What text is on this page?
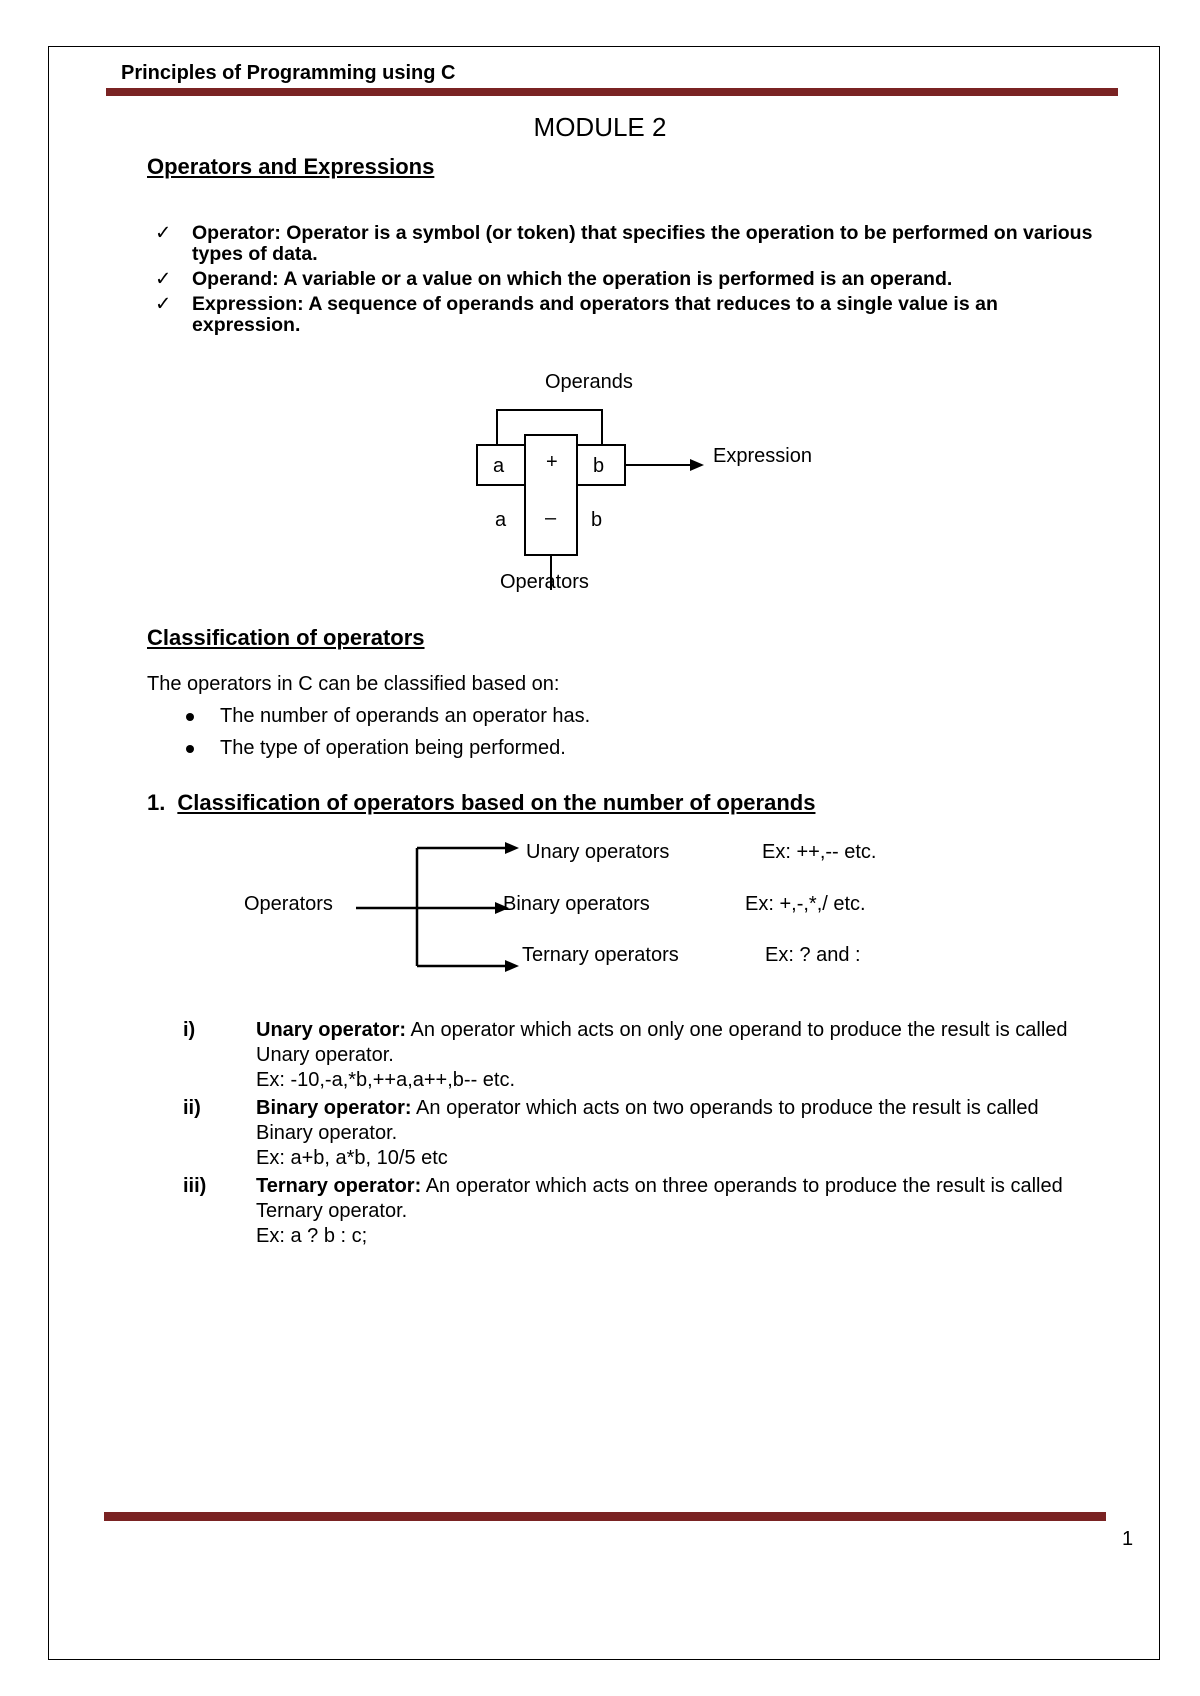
Principles of Programming using C
MODULE 2
Operators and Expressions
✓ Operator: Operator is a symbol (or token) that specifies the operation to be performed on various types of data.
✓ Operand: A variable or a value on which the operation is performed is an operand.
✓ Expression: A sequence of operands and operators that reduces to a single value is an expression.
Operands
Expression
Operators
a + b
a – b
Classification of operators
The operators in C can be classified based on:
The number of operands an operator has.
The type of operation being performed.
1. Classification of operators based on the number of operands
Operators
Unary operators	Ex: ++,-- etc.
Binary operators	Ex: +,-,*,/ etc.
Ternary operators	Ex: ? and :
i)	Unary operator: An operator which acts on only one operand to produce the result is called Unary operator.
Ex: -10,-a,*b,++a,a++,b-- etc.
ii)	Binary operator: An operator which acts on two operands to produce the result is called Binary operator.
Ex: a+b, a*b, 10/5 etc
iii) Ternary operator: An operator which acts on three operands to produce the result is called Ternary operator.
Ex: a ? b : c;
1
